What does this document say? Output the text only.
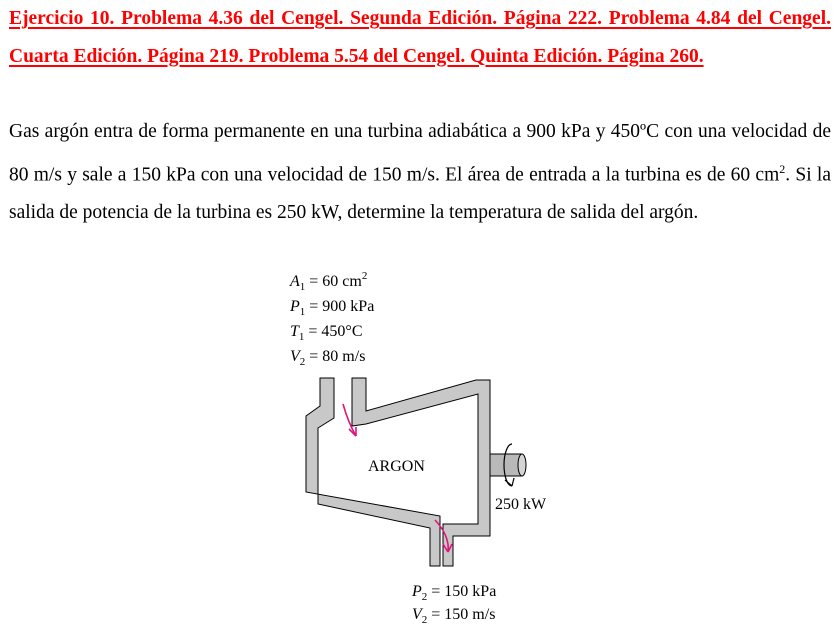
Ejercicio 10. Problema 4.36 del Cengel. Segunda Edición. Página 222. Problema 4.84 del Cengel. Cuarta Edición. Página 219. Problema 5.54 del Cengel. Quinta Edición. Página 260.
Gas argón entra de forma permanente en una turbina adiabática a 900 kPa y 450ºC con una velocidad de 80 m/s y sale a 150 kPa con una velocidad de 150 m/s. El área de entrada a la turbina es de 60 $cm^2$. Si la salida de potencia de la turbina es 250 kW, determine la temperatura de salida del argón.
$A_1 = 60$ $cm^2$
$P_1 = 900$ kPa
$T_1 = 450^\circ C$
$V_2 = 80$ m/s
ARGON
250 kW
$P_2 = 150$ kPa
$V_2 = 150$ m/s
